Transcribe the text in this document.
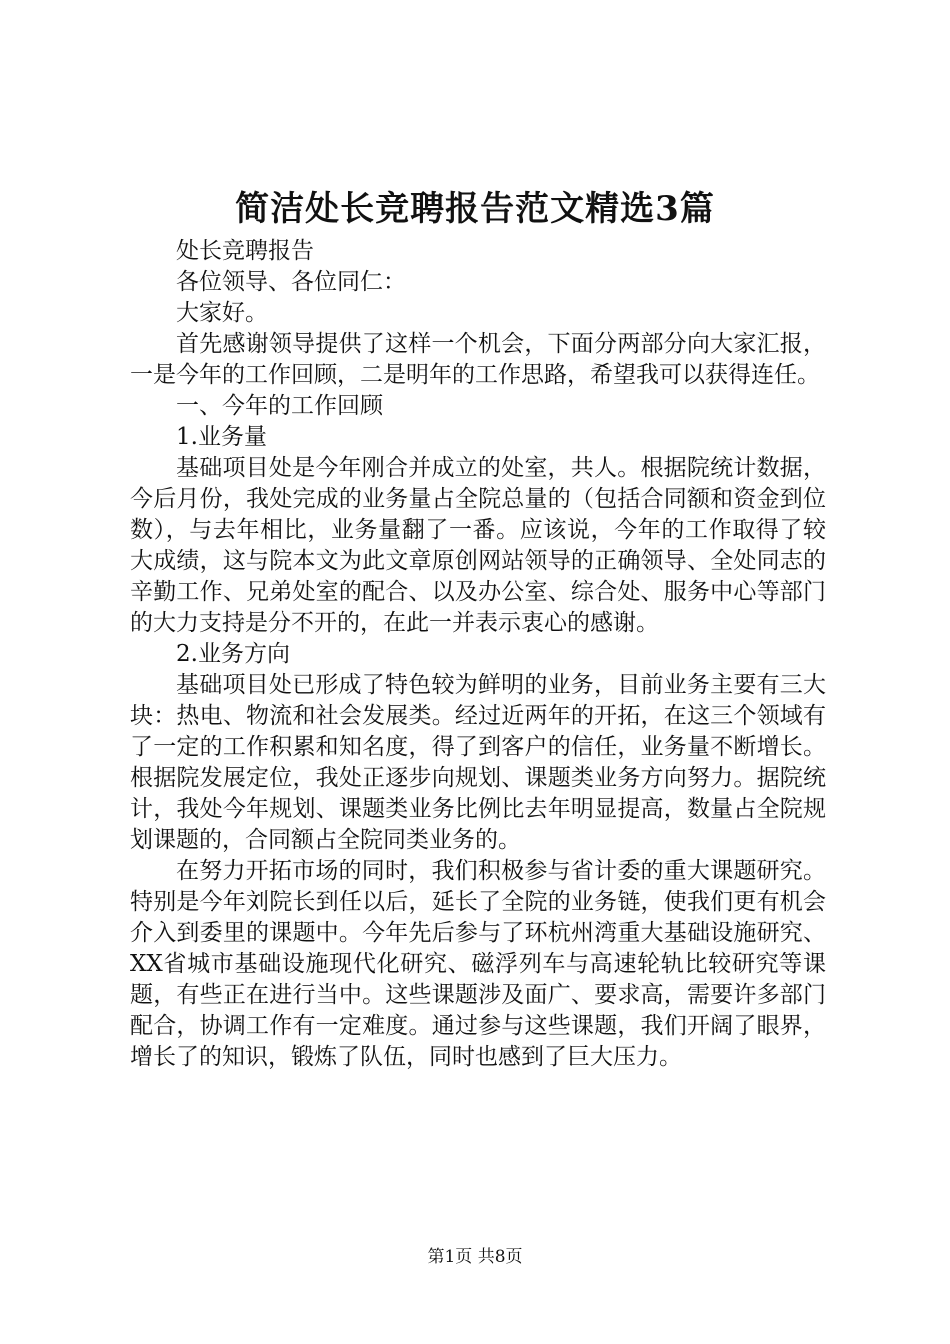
简洁处长竞聘报告范文精选3篇

处长竞聘报告

各位领导、各位同仁：

大家好。

首先感谢领导提供了这样一个机会，下面分两部分向大家汇报，一是今年的工作回顾，二是明年的工作思路，希望我可以获得连任。

一、今年的工作回顾

1.业务量

基础项目处是今年刚合并成立的处室，共人。根据院统计数据，今后月份，我处完成的业务量占全院总量的（包括合同额和资金到位数），与去年相比，业务量翻了一番。应该说，今年的工作取得了较大成绩，这与院本文为此文章原创网站领导的正确领导、全处同志的辛勤工作、兄弟处室的配合、以及办公室、综合处、服务中心等部门的大力支持是分不开的，在此一并表示衷心的感谢。

2.业务方向

基础项目处已形成了特色较为鲜明的业务，目前业务主要有三大块：热电、物流和社会发展类。经过近两年的开拓，在这三个领域有了一定的工作积累和知名度，得了到客户的信任，业务量不断增长。根据院发展定位，我处正逐步向规划、课题类业务方向努力。据院统计，我处今年规划、课题类业务比例比去年明显提高，数量占全院规划课题的，合同额占全院同类业务的。

在努力开拓市场的同时，我们积极参与省计委的重大课题研究。特别是今年刘院长到任以后，延长了全院的业务链，使我们更有机会介入到委里的课题中。今年先后参与了环杭州湾重大基础设施研究、XX省城市基础设施现代化研究、磁浮列车与高速轮轨比较研究等课题，有些正在进行当中。这些课题涉及面广、要求高，需要许多部门配合，协调工作有一定难度。通过参与这些课题，我们开阔了眼界，增长了的知识，锻炼了队伍，同时也感到了巨大压力。

第1页 共8页
